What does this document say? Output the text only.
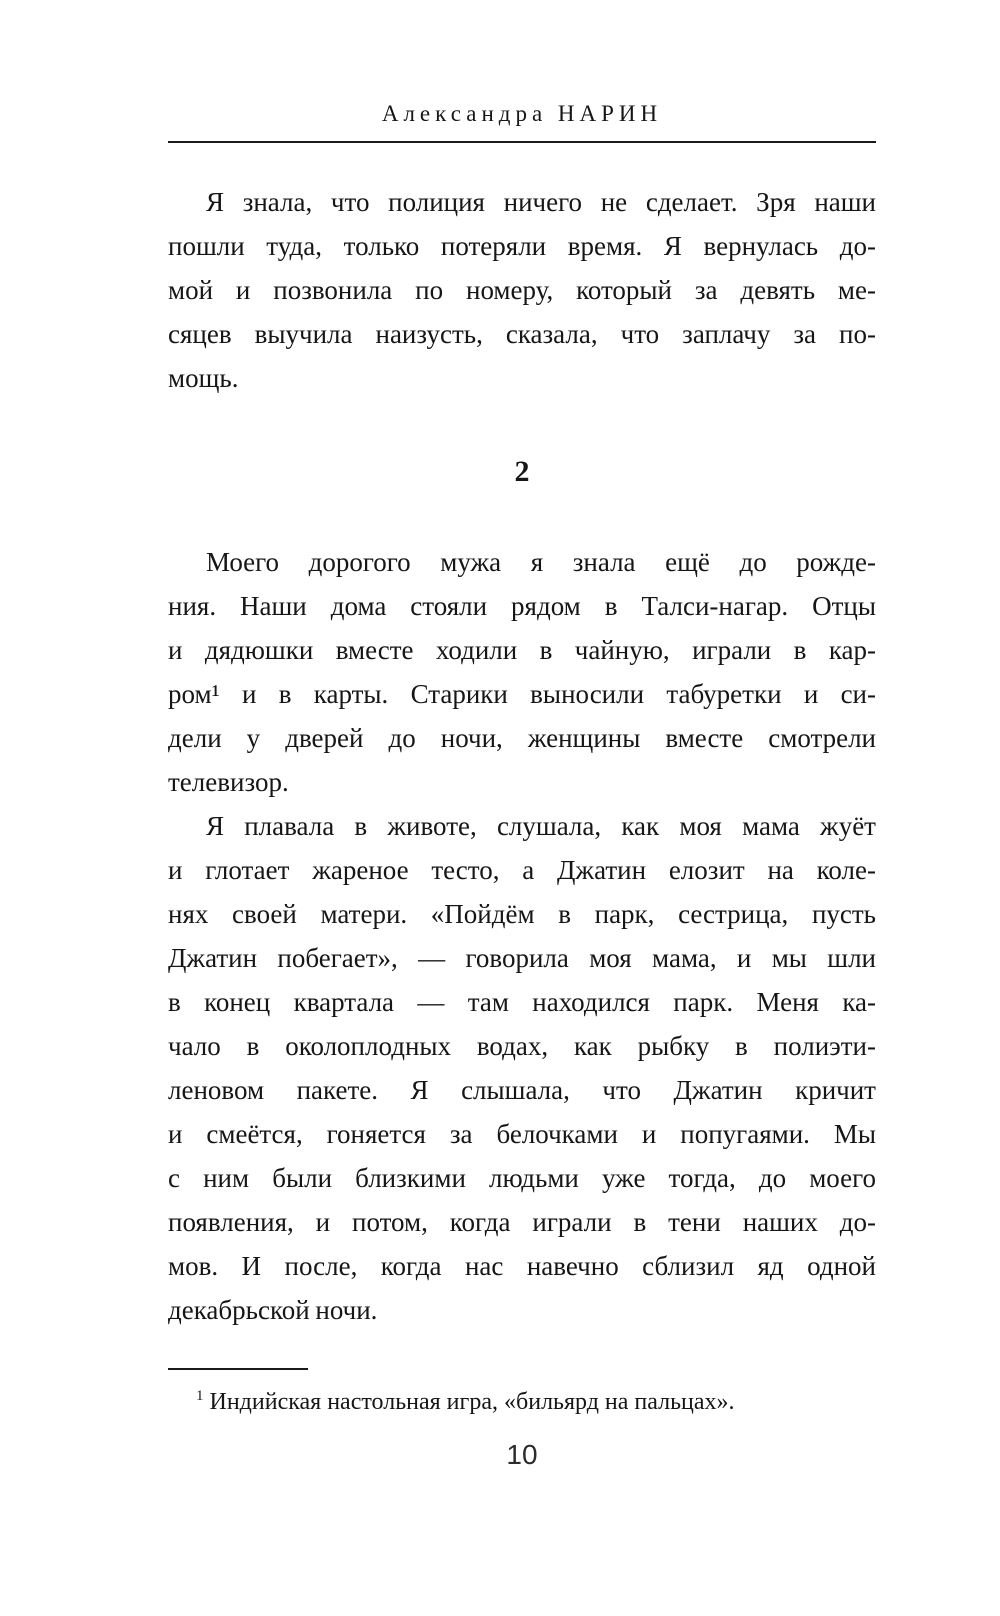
Александра НАРИН
Я знала, что полиция ничего не сделает. Зря наши
пошли туда, только потеряли время. Я вернулась до-
мой и позвонила по номеру, который за девять ме-
сяцев выучила наизусть, сказала, что заплачу за по-
мощь.
2
Моего дорогого мужа я знала ещё до рожде-
ния. Наши дома стояли рядом в Талси-нагар. Отцы
и дядюшки вместе ходили в чайную, играли в кар-
ром¹ и в карты. Старики выносили табуретки и си-
дели у дверей до ночи, женщины вместе смотрели
телевизор.
Я плавала в животе, слушала, как моя мама жуёт
и глотает жареное тесто, а Джатин елозит на коле-
нях своей матери. «Пойдём в парк, сестрица, пусть
Джатин побегает», — говорила моя мама, и мы шли
в конец квартала — там находился парк. Меня ка-
чало в околоплодных водах, как рыбку в полиэти-
леновом пакете. Я слышала, что Джатин кричит
и смеётся, гоняется за белочками и попугаями. Мы
с ним были близкими людьми уже тогда, до моего
появления, и потом, когда играли в тени наших до-
мов. И после, когда нас навечно сблизил яд одной
декабрьской ночи.
$^1$ Индийская настольная игра, «бильярд на пальцах».
10
